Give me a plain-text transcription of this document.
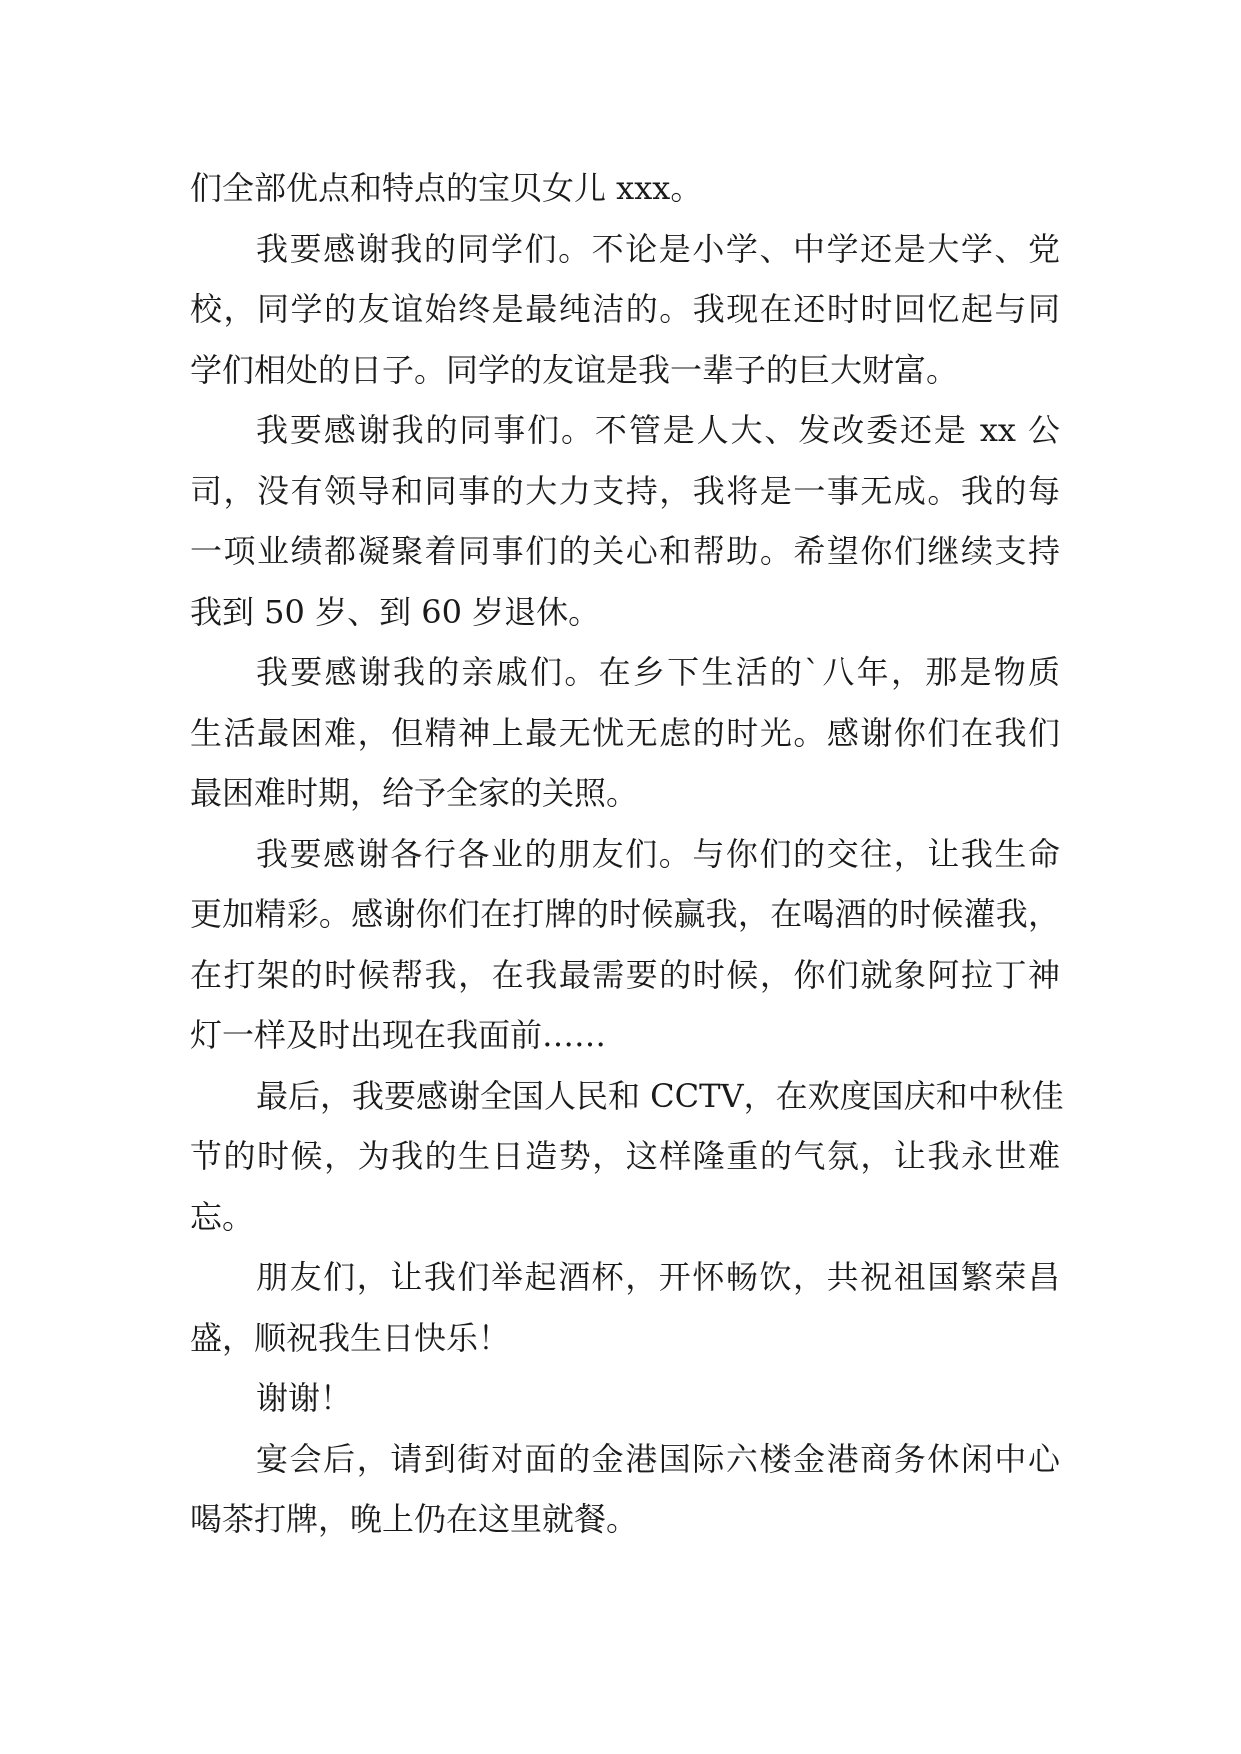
们全部优点和特点的宝贝女儿 xxx。
我要感谢我的同学们。不论是小学、中学还是大学、党
校，同学的友谊始终是最纯洁的。我现在还时时回忆起与同
学们相处的日子。同学的友谊是我一辈子的巨大财富。
我要感谢我的同事们。不管是人大、发改委还是 xx 公
司，没有领导和同事的大力支持，我将是一事无成。我的每
一项业绩都凝聚着同事们的关心和帮助。希望你们继续支持
我到 50 岁、到 60 岁退休。
我要感谢我的亲戚们。在乡下生活的`八年，那是物质
生活最困难，但精神上最无忧无虑的时光。感谢你们在我们
最困难时期，给予全家的关照。
我要感谢各行各业的朋友们。与你们的交往，让我生命
更加精彩。感谢你们在打牌的时候赢我，在喝酒的时候灌我，
在打架的时候帮我，在我最需要的时候，你们就象阿拉丁神
灯一样及时出现在我面前……
最后，我要感谢全国人民和 CCTV，在欢度国庆和中秋佳
节的时候，为我的生日造势，这样隆重的气氛，让我永世难
忘。
朋友们，让我们举起酒杯，开怀畅饮，共祝祖国繁荣昌
盛，顺祝我生日快乐！
谢谢！
宴会后，请到街对面的金港国际六楼金港商务休闲中心
喝茶打牌，晚上仍在这里就餐。
